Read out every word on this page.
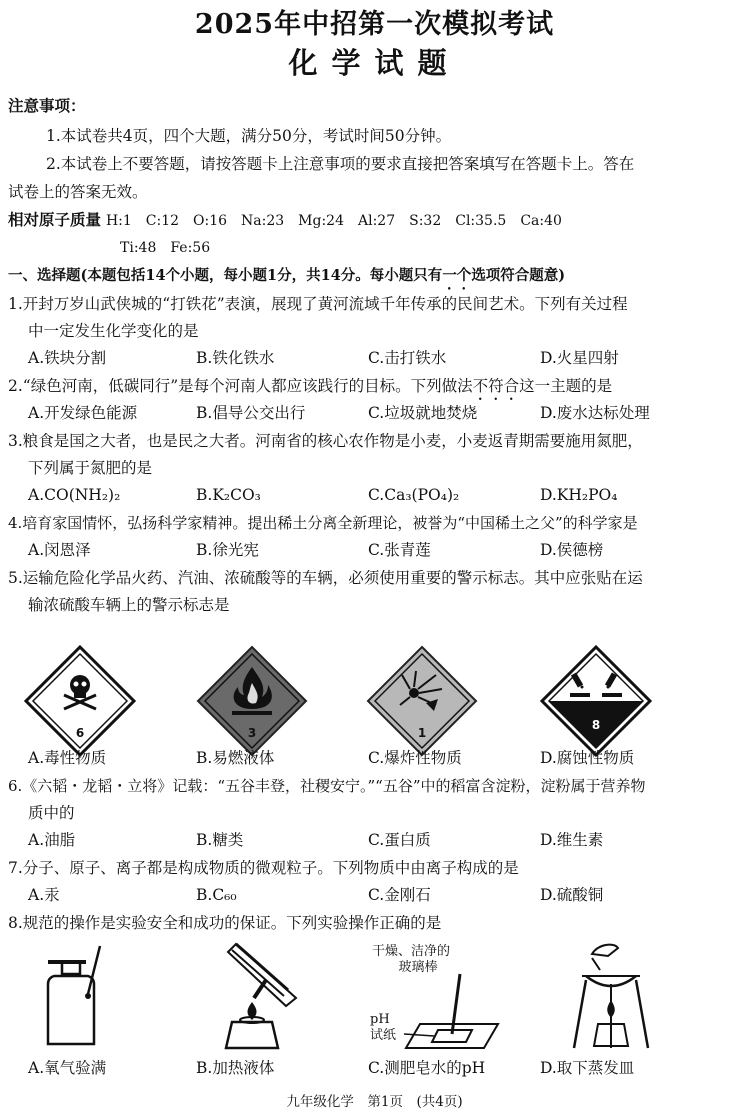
2025年中招第一次模拟考试
化学试题
注意事项：
1.本试卷共4页，四个大题，满分50分，考试时间50分钟。
2.本试卷上不要答题，请按答题卡上注意事项的要求直接把答案填写在答题卡上。答在
试卷上的答案无效。
相对原子质量 H:1　C:12　O:16　Na:23　Mg:24　Al:27　S:32　Cl:35.5　Ca:40
Ti:48　Fe:56
一、选择题(本题包括14个小题，每小题1分，共14分。每小题只有一个选项符合题意)
1.开封万岁山武侠城的“打铁花”表演，展现了黄河流域千年传承的民间艺术。下列有关过程
中一定发生化学变化的是
A.铁块分割	B.铁化铁水	C.击打铁水	D.火星四射
2.“绿色河南，低碳同行”是每个河南人都应该践行的目标。下列做法不符合这一主题的是
A.开发绿色能源	B.倡导公交出行	C.垃圾就地焚烧	D.废水达标处理
3.粮食是国之大者，也是民之大者。河南省的核心农作物是小麦，小麦返青期需要施用氮肥，
下列属于氮肥的是
A.CO(NH₂)₂	B.K₂CO₃	C.Ca₃(PO₄)₂	D.KH₂PO₄
4.培育家国情怀，弘扬科学家精神。提出稀土分离全新理论，被誉为“中国稀土之父”的科学家是
A.闵恩泽	B.徐光宪	C.张青莲	D.侯德榜
5.运输危险化学品火药、汽油、浓硫酸等的车辆，必须使用重要的警示标志。其中应张贴在运
输浓硫酸车辆上的警示标志是
6	3	1
8
A.毒性物质	B.易燃液体	C.爆炸性物质	D.腐蚀性物质
6.《六韬・龙韬・立将》记载：“五谷丰登，社稷安宁。”“五谷”中的稻富含淀粉，淀粉属于营养物
质中的
A.油脂	B.糖类	C.蛋白质	D.维生素
7.分子、原子、离子都是构成物质的微观粒子。下列物质中由离子构成的是
A.汞	B.C₆₀	C.金刚石	D.硫酸铜
8.规范的操作是实验安全和成功的保证。下列实验操作正确的是
干燥、洁净的
玻璃棒
pH
试纸
A.氧气验满	B.加热液体	C.测肥皂水的pH	D.取下蒸发皿
九年级化学　第1页　(共4页)
